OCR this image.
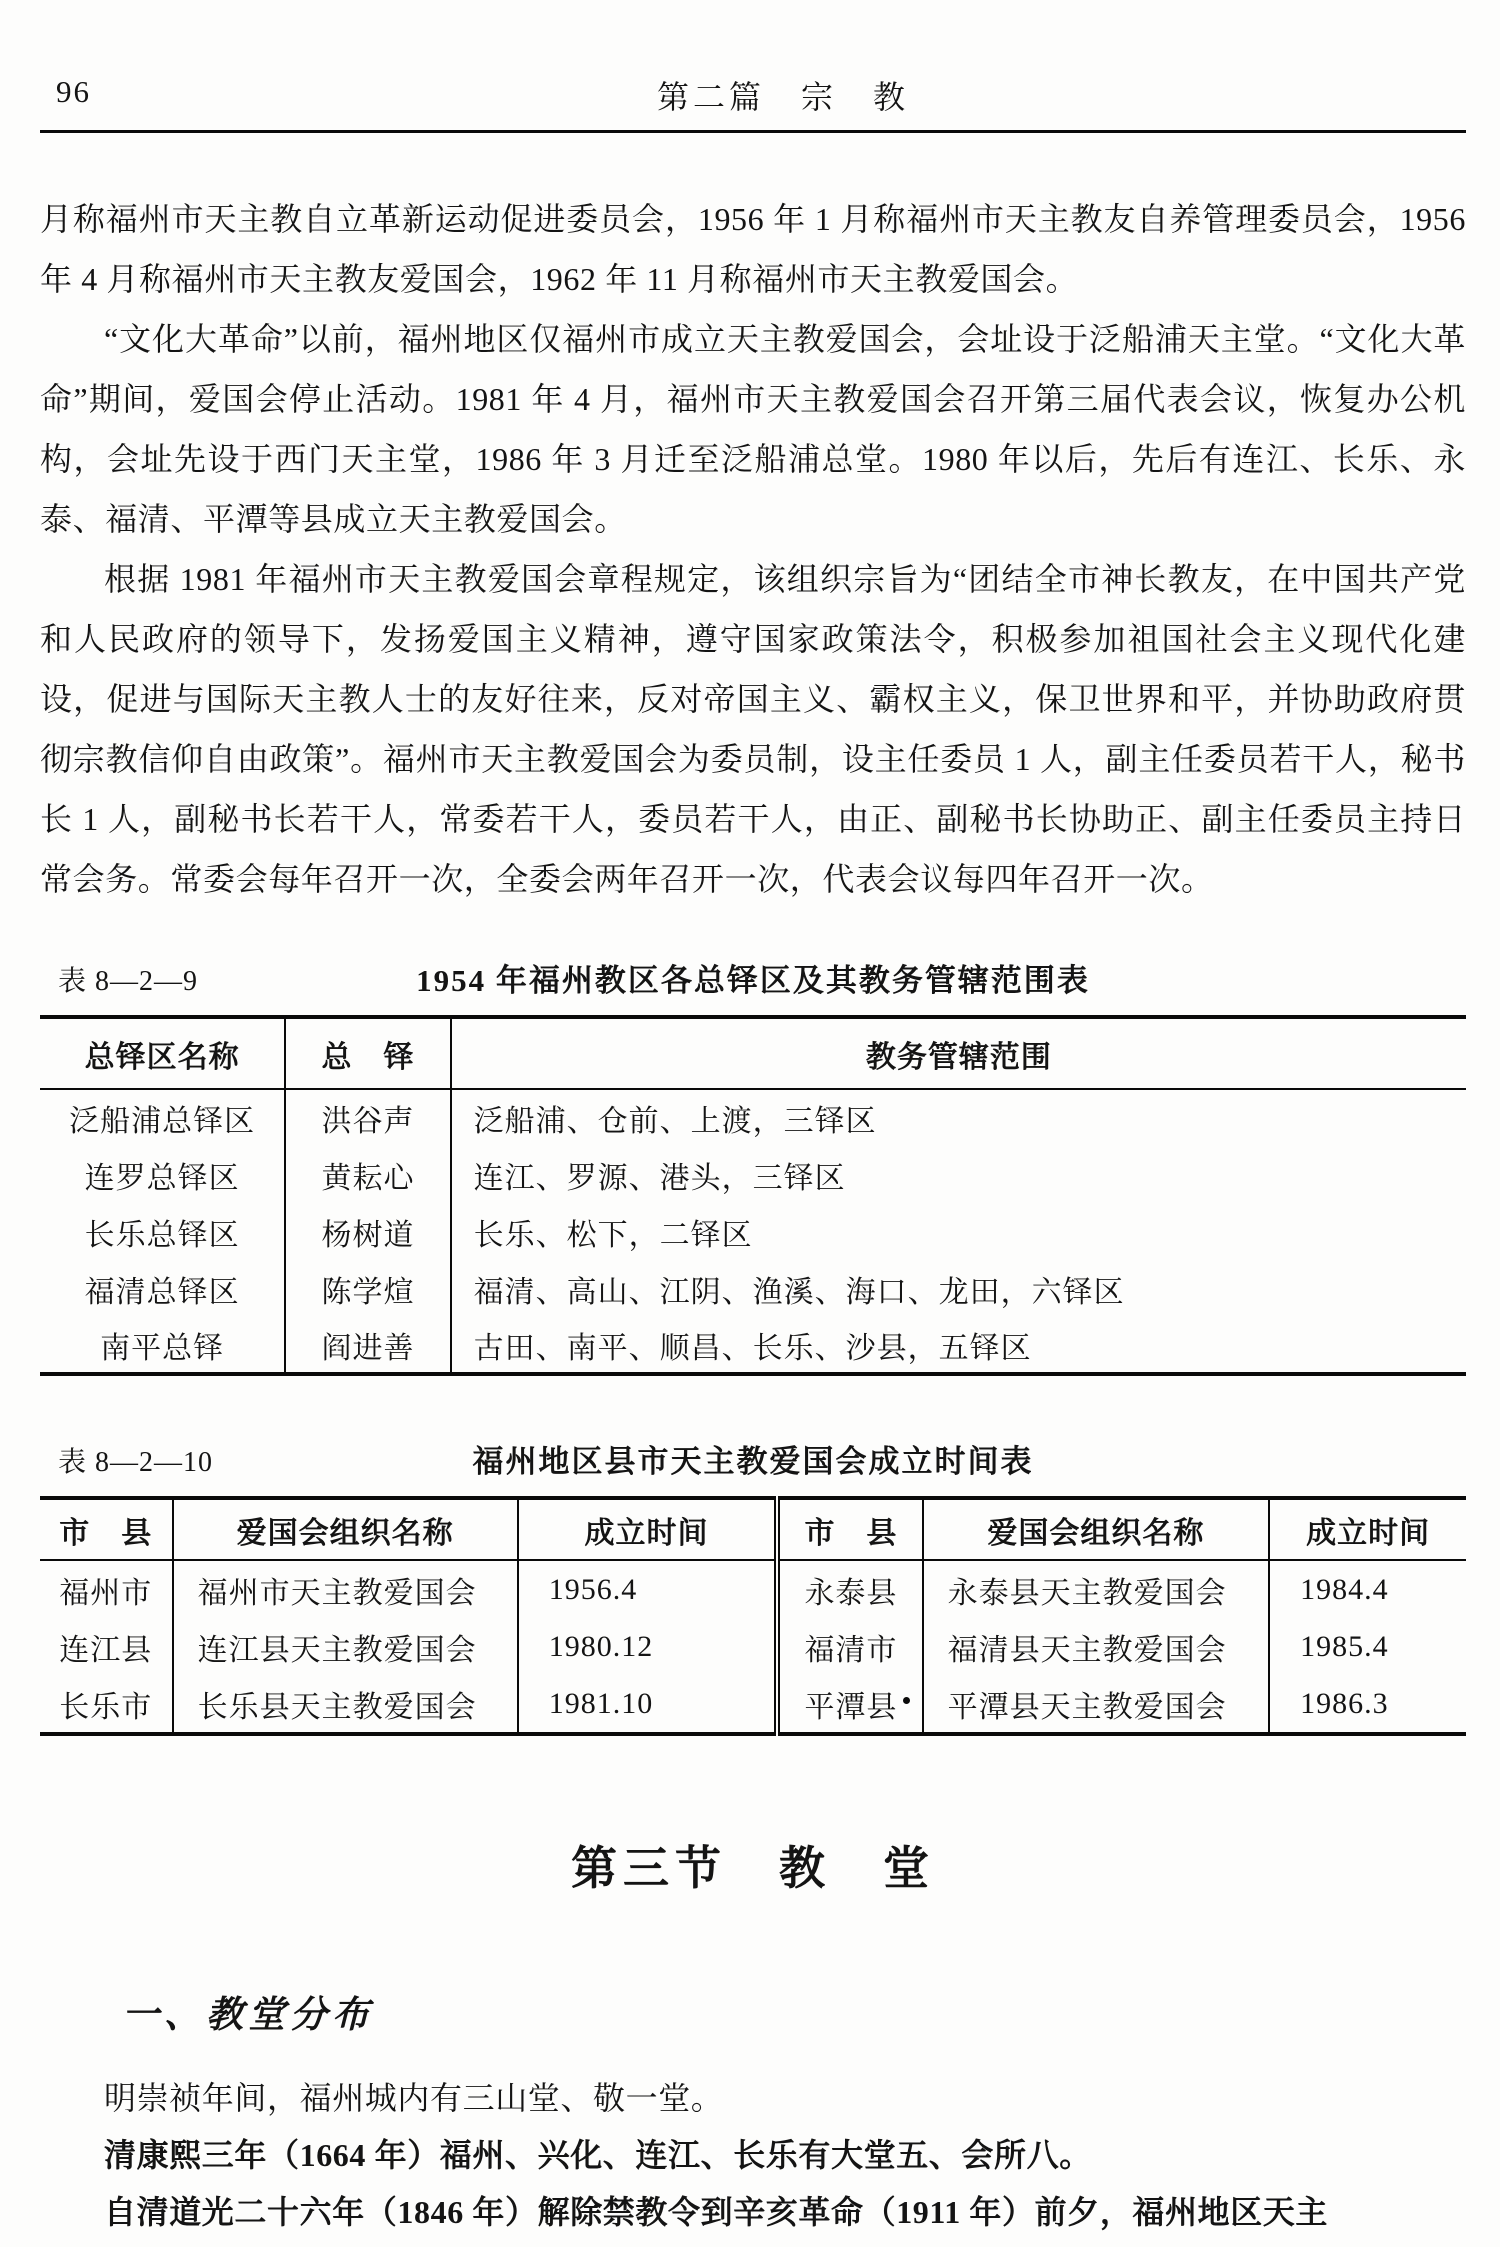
96	第二篇　宗　教

月称福州市天主教自立革新运动促进委员会，1956 年 1 月称福州市天主教友自养管理委员会，1956 年 4 月称福州市天主教友爱国会，1962 年 11 月称福州市天主教爱国会。

“文化大革命”以前，福州地区仅福州市成立天主教爱国会，会址设于泛船浦天主堂。“文化大革命”期间，爱国会停止活动。1981 年 4 月，福州市天主教爱国会召开第三届代表会议，恢复办公机构，会址先设于西门天主堂，1986 年 3 月迁至泛船浦总堂。1980 年以后，先后有连江、长乐、永泰、福清、平潭等县成立天主教爱国会。

根据 1981 年福州市天主教爱国会章程规定，该组织宗旨为“团结全市神长教友，在中国共产党和人民政府的领导下，发扬爱国主义精神，遵守国家政策法令，积极参加祖国社会主义现代化建设，促进与国际天主教人士的友好往来，反对帝国主义、霸权主义，保卫世界和平，并协助政府贯彻宗教信仰自由政策”。福州市天主教爱国会为委员制，设主任委员 1 人，副主任委员若干人，秘书长 1 人，副秘书长若干人，常委若干人，委员若干人，由正、副秘书长协助正、副主任委员主持日常会务。常委会每年召开一次，全委会两年召开一次，代表会议每四年召开一次。

表 8—2—9	1954 年福州教区各总铎区及其教务管辖范围表
总铎区名称	总　铎	教务管辖范围
泛船浦总铎区	洪谷声	泛船浦、仓前、上渡，三铎区
连罗总铎区	黄耘心	连江、罗源、港头，三铎区
长乐总铎区	杨树道	长乐、松下，二铎区
福清总铎区	陈学煊	福清、高山、江阴、渔溪、海口、龙田，六铎区
南平总铎	阎进善	古田、南平、顺昌、长乐、沙县，五铎区
表 8—2—10	福州地区县市天主教爱国会成立时间表
市　县	爱国会组织名称	成立时间	市　县	爱国会组织名称	成立时间
福州市	福州市天主教爱国会	1956.4	永泰县	永泰县天主教爱国会	1984.4
连江县	连江县天主教爱国会	1980.12	福清市	福清县天主教爱国会	1985.4
长乐市	长乐县天主教爱国会	1981.10	平潭县	平潭县天主教爱国会	1986.3
第三节　教　堂
一、教堂分布

明崇祯年间，福州城内有三山堂、敬一堂。

清康熙三年（1664 年）福州、兴化、连江、长乐有大堂五、会所八。

自清道光二十六年（1846 年）解除禁教令到辛亥革命（1911 年）前夕，福州地区天主
